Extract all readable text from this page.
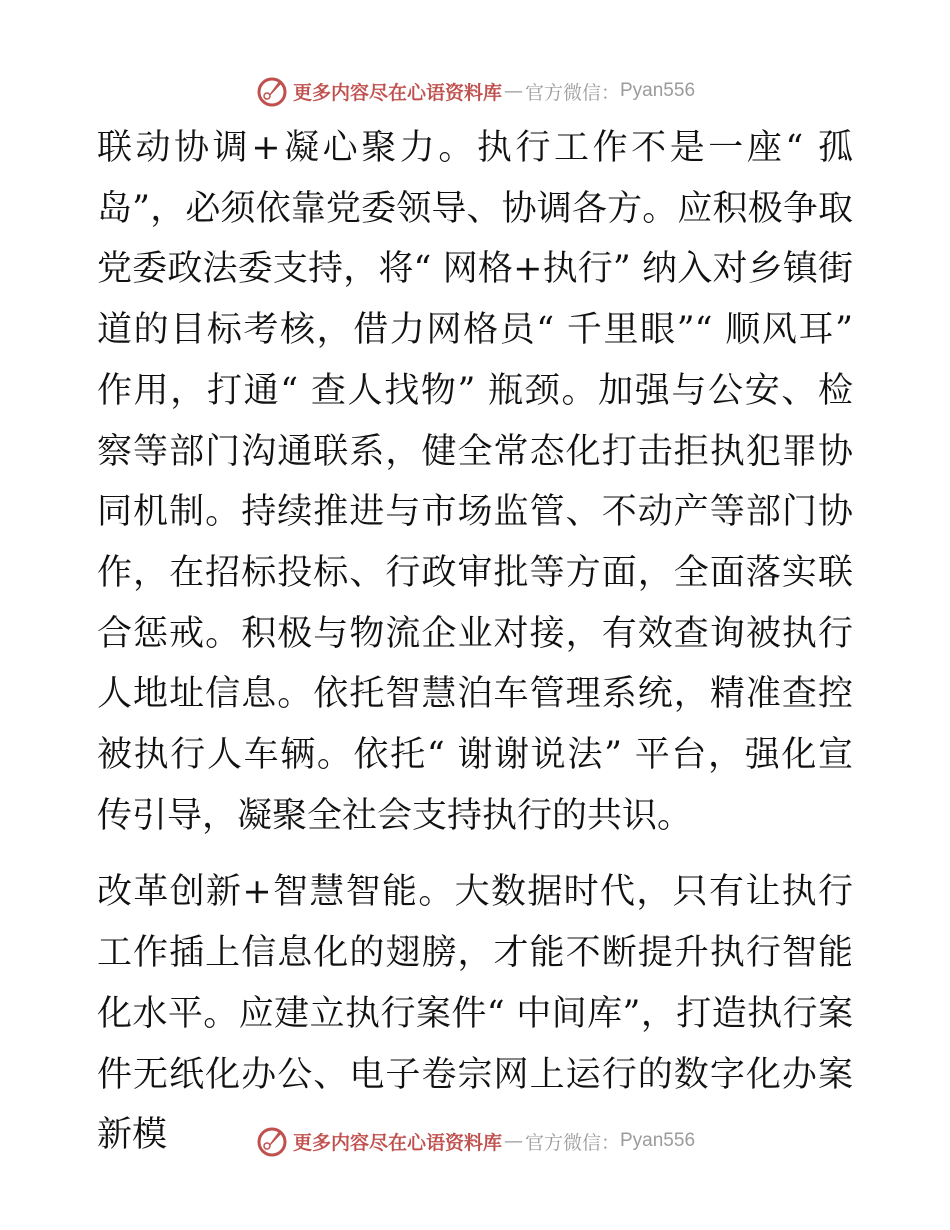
更多内容尽在心语资料库 — 官方微信： Pyan556

联动协调+凝心聚力。执行工作不是一座“ 孤岛”，必须依靠党委领导、协调各方。应积极争取党委政法委支持，将“ 网格+执行” 纳入对乡镇街道的目标考核，借力网格员“ 千里眼”“ 顺风耳” 作用，打通“ 查人找物” 瓶颈。加强与公安、检察等部门沟通联系，健全常态化打击拒执犯罪协同机制。持续推进与市场监管、不动产等部门协作，在招标投标、行政审批等方面，全面落实联合惩戒。积极与物流企业对接，有效查询被执行人地址信息。依托智慧泊车管理系统，精准查控被执行人车辆。依托“ 谢谢说法” 平台，强化宣传引导，凝聚全社会支持执行的共识。

改革创新+智慧智能。大数据时代，只有让执行工作插上信息化的翅膀，才能不断提升执行智能化水平。应建立执行案件“ 中间库”，打造执行案件无纸化办公、电子卷宗网上运行的数字化办案新模	更多内容尽在心语资料库 — 官方微信： Pyan556
